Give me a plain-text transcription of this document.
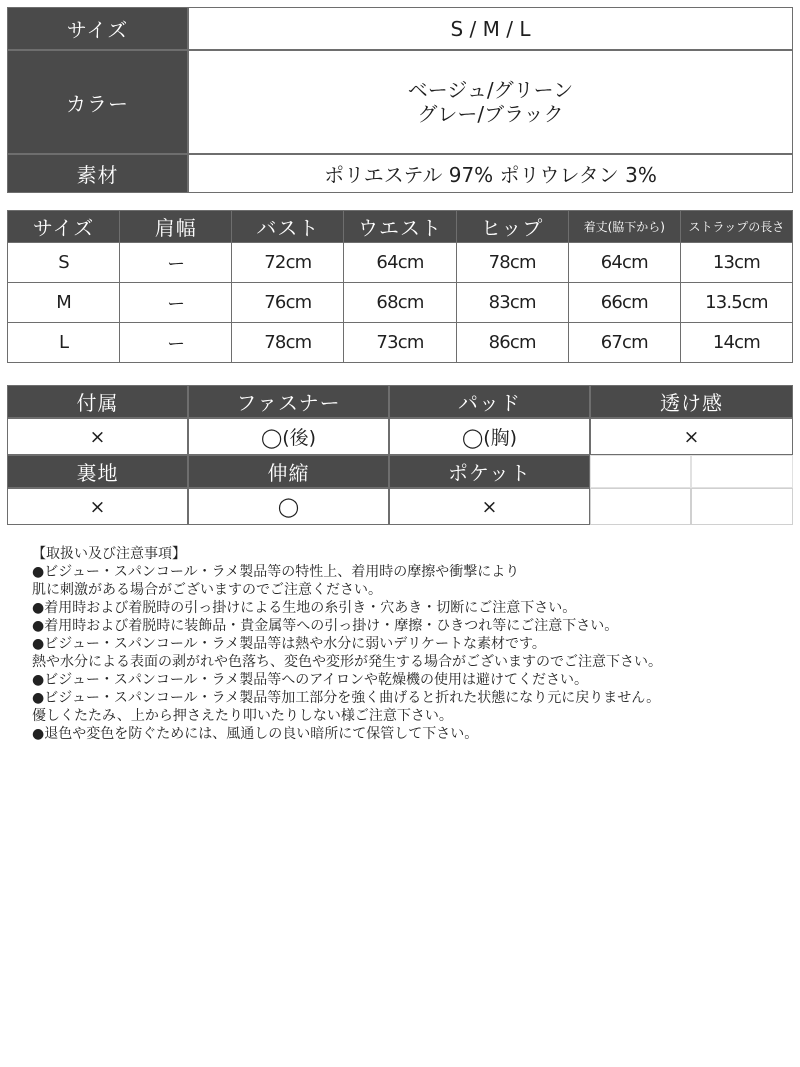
サイズ	S / M / L
カラー
ベージュ/グリーン
グレー/ブラック
素材	ポリエステル 97% ポリウレタン 3%
サイズ	肩幅	バスト	ウエスト	ヒップ	着丈(脇下から)	ストラップの長さ
S	ー	72cm	64cm	78cm	64cm	13cm
M	ー	76cm	68cm	83cm	66cm	13.5cm
L	ー	78cm	73cm	86cm	67cm	14cm
付属	ファスナー	パッド	透け感
×	◯(後)	◯(胸)	×
裏地	伸縮	ポケット
×	◯	×
【取扱い及び注意事項】
●ビジュー・スパンコール・ラメ製品等の特性上、着用時の摩擦や衝撃により
肌に刺激がある場合がございますのでご注意ください。
●着用時および着脱時の引っ掛けによる生地の糸引き・穴あき・切断にご注意下さい。
●着用時および着脱時に装飾品・貴金属等への引っ掛け・摩擦・ひきつれ等にご注意下さい。
●ビジュー・スパンコール・ラメ製品等は熱や水分に弱いデリケートな素材です。
熱や水分による表面の剥がれや色落ち、変色や変形が発生する場合がございますのでご注意下さい。
●ビジュー・スパンコール・ラメ製品等へのアイロンや乾燥機の使用は避けてください。
●ビジュー・スパンコール・ラメ製品等加工部分を強く曲げると折れた状態になり元に戻りません。
優しくたたみ、上から押さえたり叩いたりしない様ご注意下さい。
●退色や変色を防ぐためには、風通しの良い暗所にて保管して下さい。
